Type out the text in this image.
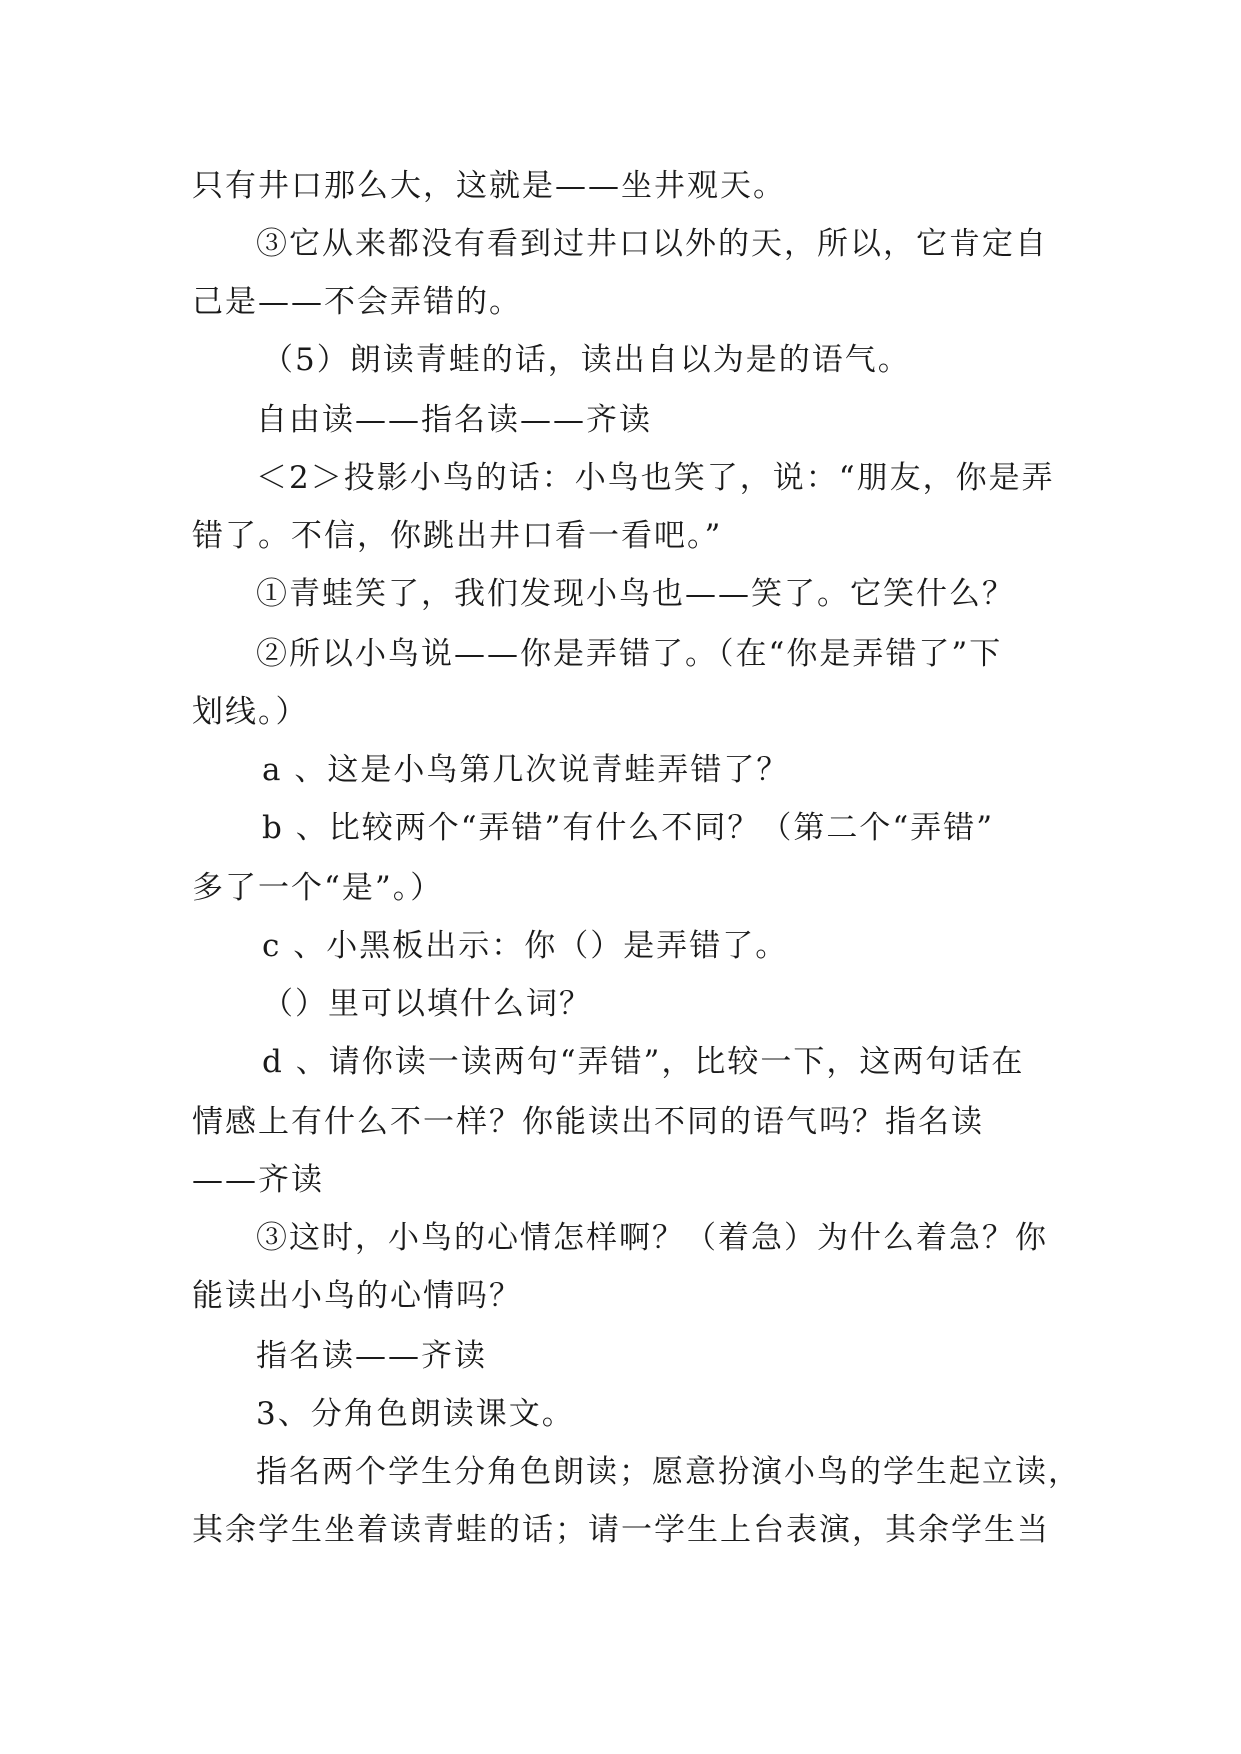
只有井口那么大，这就是——坐井观天。
③它从来都没有看到过井口以外的天，所以，它肯定自
己是——不会弄错的。
（5）朗读青蛙的话，读出自以为是的语气。
自由读——指名读——齐读
＜2＞投影小鸟的话：小鸟也笑了，说：“朋友，你是弄
错了。不信，你跳出井口看一看吧。”
①青蛙笑了，我们发现小鸟也——笑了。它笑什么？
②所以小鸟说——你是弄错了。（在“你是弄错了”下
划线。）
a 、这是小鸟第几次说青蛙弄错了？
b 、比较两个“弄错”有什么不同？（第二个“弄错”
多了一个“是”。）
c 、小黑板出示：你（）是弄错了。
（）里可以填什么词？
d 、请你读一读两句“弄错”，比较一下，这两句话在
情感上有什么不一样？你能读出不同的语气吗？指名读
——齐读
③这时，小鸟的心情怎样啊？（着急）为什么着急？你
能读出小鸟的心情吗？
指名读——齐读
3、分角色朗读课文。
指名两个学生分角色朗读；愿意扮演小鸟的学生起立读，
其余学生坐着读青蛙的话；请一学生上台表演，其余学生当
